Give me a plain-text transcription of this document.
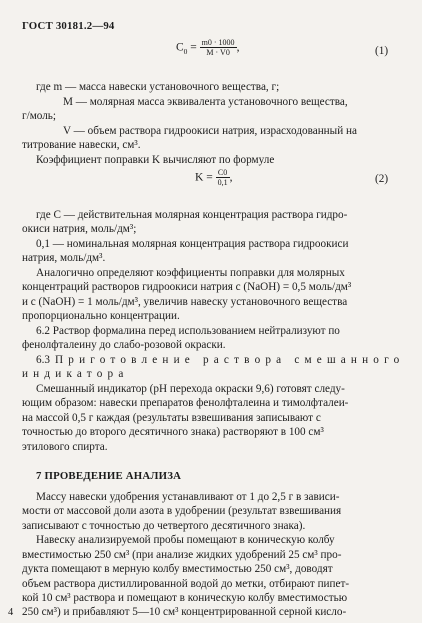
ГОСТ 30181.2—94
$C_0 = \frac{m0 \cdot 1000}{M \cdot V0}$ ,	(1)
где m — масса навески установочного вещества, г;
M — молярная масса эквивалента установочного вещества,
г/моль;
V — объем раствора гидроокиси натрия, израсходованный на
титрование навески, см³.
Коэффициент поправки K вычисляют по формуле
$K = \frac{C0}{0,1}$ ,	(2)
где C — действительная молярная концентрация раствора гидро-
окиси натрия, моль/дм³;
0,1 — номинальная молярная концентрация раствора гидроокиси
натрия, моль/дм³.
Аналогично определяют коэффициенты поправки для молярных
концентраций растворов гидроокиси натрия c (NaOH) = 0,5 моль/дм³
и c (NaOH) = 1 моль/дм³, увеличив навеску установочного вещества
пропорционально концентрации.
6.2 Раствор формалина перед использованием нейтрализуют по
фенолфталеину до слабо-розовой окраски.
6.3 Приготовление раствора смешанного
индикатора
Смешанный индикатор (pH перехода окраски 9,6) готовят следу-
ющим образом: навески препаратов фенолфталеина и тимолфталеи-
на массой 0,5 г каждая (результаты взвешивания записывают с
точностью до второго десятичного знака) растворяют в 100 см³
этилового спирта.
7 ПРОВЕДЕНИЕ АНАЛИЗА
Массу навески удобрения устанавливают от 1 до 2,5 г в зависи-
мости от массовой доли азота в удобрении (результат взвешивания
записывают с точностью до четвертого десятичного знака).
Навеску анализируемой пробы помещают в коническую колбу
вместимостью 250 см³ (при анализе жидких удобрений 25 см³ про-
дукта помещают в мерную колбу вместимостью 250 см³, доводят
объем раствора дистиллированной водой до метки, отбирают пипет-
кой 10 см³ раствора и помещают в коническую колбу вместимостью
250 см³) и прибавляют 5—10 см³ концентрированной серной кисло-
4
